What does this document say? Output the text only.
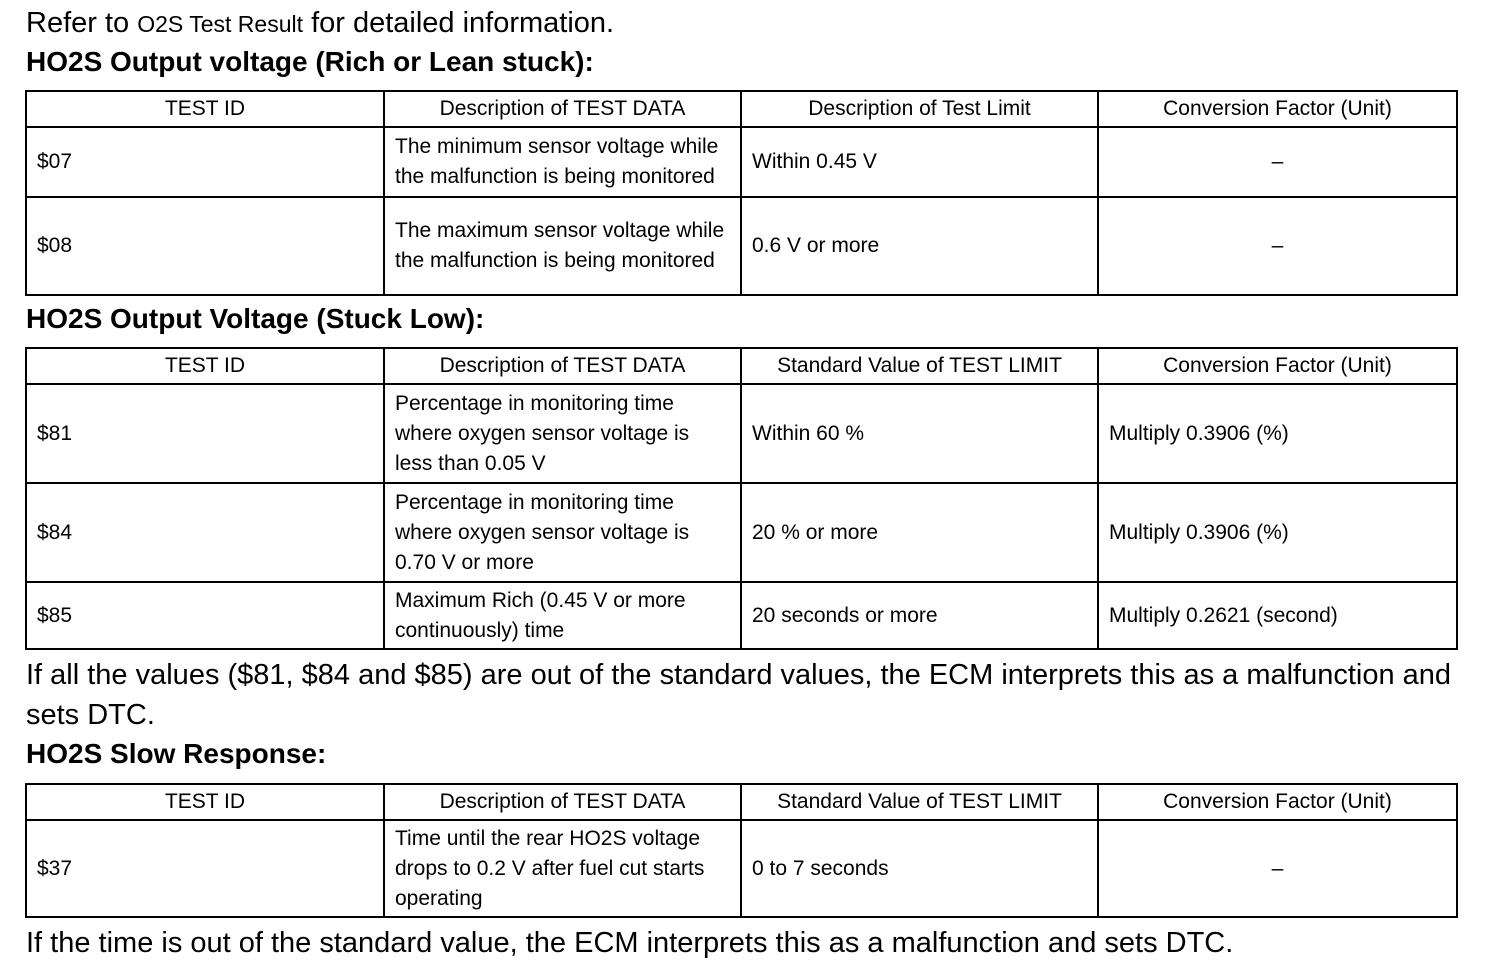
Refer to O2S Test Result for detailed information.
HO2S Output voltage (Rich or Lean stuck):
TEST ID	Description of TEST DATA	Description of Test Limit	Conversion Factor (Unit)
$07	The minimum sensor voltage while the malfunction is being monitored	Within 0.45 V	–
$08	The maximum sensor voltage while the malfunction is being monitored	0.6 V or more	–
HO2S Output Voltage (Stuck Low):
TEST ID	Description of TEST DATA	Standard Value of TEST LIMIT	Conversion Factor (Unit)
$81	Percentage in monitoring time where oxygen sensor voltage is less than 0.05 V	Within 60 %	Multiply 0.3906 (%)
$84	Percentage in monitoring time where oxygen sensor voltage is 0.70 V or more	20 % or more	Multiply 0.3906 (%)
$85	Maximum Rich (0.45 V or more continuously) time	20 seconds or more	Multiply 0.2621 (second)
If all the values ($81, $84 and $85) are out of the standard values, the ECM interprets this as a malfunction and sets DTC.
HO2S Slow Response:
TEST ID	Description of TEST DATA	Standard Value of TEST LIMIT	Conversion Factor (Unit)
$37	Time until the rear HO2S voltage drops to 0.2 V after fuel cut starts operating	0 to 7 seconds	–
If the time is out of the standard value, the ECM interprets this as a malfunction and sets DTC.
